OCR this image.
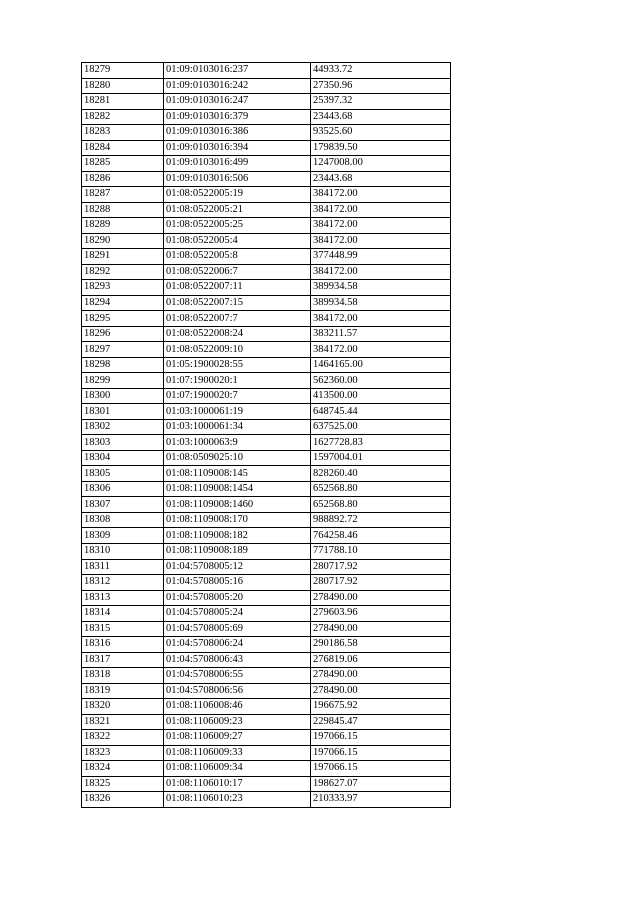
18279	01:09:0103016:237	44933.72
18280	01:09:0103016:242	27350.96
18281	01:09:0103016:247	25397.32
18282	01:09:0103016:379	23443.68
18283	01:09:0103016:386	93525.60
18284	01:09:0103016:394	179839.50
18285	01:09:0103016:499	1247008.00
18286	01:09:0103016:506	23443.68
18287	01:08:0522005:19	384172.00
18288	01:08:0522005:21	384172.00
18289	01:08:0522005:25	384172.00
18290	01:08:0522005:4	384172.00
18291	01:08:0522005:8	377448.99
18292	01:08:0522006:7	384172.00
18293	01:08:0522007:11	389934.58
18294	01:08:0522007:15	389934.58
18295	01:08:0522007:7	384172.00
18296	01:08:0522008:24	383211.57
18297	01:08:0522009:10	384172.00
18298	01:05:1900028:55	1464165.00
18299	01:07:1900020:1	562360.00
18300	01:07:1900020:7	413500.00
18301	01:03:1000061:19	648745.44
18302	01:03:1000061:34	637525.00
18303	01:03:1000063:9	1627728.83
18304	01:08:0509025:10	1597004.01
18305	01:08:1109008:145	828260.40
18306	01:08:1109008:1454	652568.80
18307	01:08:1109008:1460	652568.80
18308	01:08:1109008:170	988892.72
18309	01:08:1109008:182	764258.46
18310	01:08:1109008:189	771788.10
18311	01:04:5708005:12	280717.92
18312	01:04:5708005:16	280717.92
18313	01:04:5708005:20	278490.00
18314	01:04:5708005:24	279603.96
18315	01:04:5708005:69	278490.00
18316	01:04:5708006:24	290186.58
18317	01:04:5708006:43	276819.06
18318	01:04:5708006:55	278490.00
18319	01:04:5708006:56	278490.00
18320	01:08:1106008:46	196675.92
18321	01:08:1106009:23	229845.47
18322	01:08:1106009:27	197066.15
18323	01:08:1106009:33	197066.15
18324	01:08:1106009:34	197066.15
18325	01:08:1106010:17	198627.07
18326	01:08:1106010:23	210333.97
